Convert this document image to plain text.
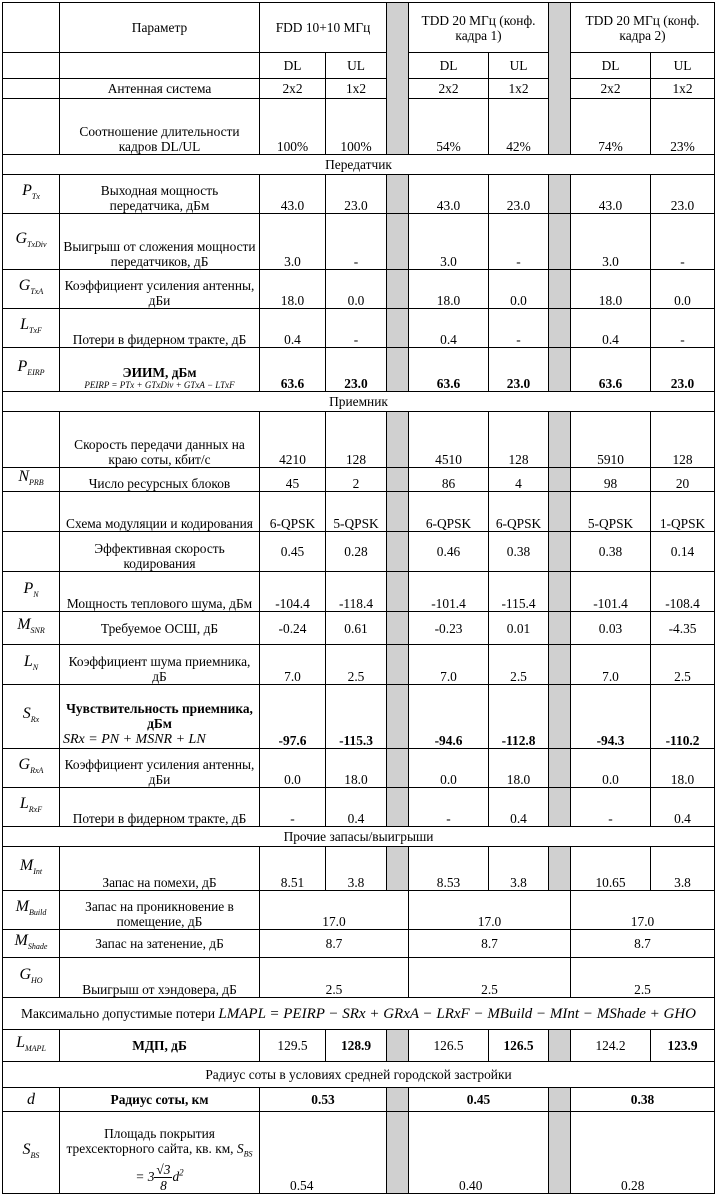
	Параметр	FDD 10+10 МГц			TDD 20 МГц (конф. кадра 1)			TDD 20 МГц (конф. кадра 2)	
		DL	UL		DL	UL		DL	UL
	Антенная система	2x2	1x2		2x2	1x2		2x2	1x2
	Соотношение длительности кадров DL/UL	100%	100%		54%	42%		74%	23%
Передатчик									
$P_{Tx}$	Выходная мощность передатчика, дБм	43.0	23.0		43.0	23.0		43.0	23.0
$G_{TxDiv}$	Выигрыш от сложения мощности передатчиков, дБ	3.0	-		3.0	-		3.0	-
$G_{TxA}$	Коэффициент усиления антенны, дБи	18.0	0.0		18.0	0.0		18.0	0.0
$L_{TxF}$	Потери в фидерном тракте, дБ	0.4	-		0.4	-		0.4	-
$P_{EIRP}$	ЭИИМ, дБм
PEIRP = PTx + GTxDiv + GTxA − LTxF	63.6	23.0		63.6	23.0		63.6	23.0
Приемник									
	Скорость передачи данных на краю соты, кбит/с	4210	128		4510	128		5910	128
$N_{PRB}$	Число ресурсных блоков	45	2		86	4		98	20
	Схема модуляции и кодирования	6-QPSK	5-QPSK		6-QPSK	6-QPSK		5-QPSK	1-QPSK
	Эффективная скорость кодирования	0.45	0.28		0.46	0.38		0.38	0.14
$P_N$	Мощность теплового шума, дБм	-104.4	-118.4		-101.4	-115.4		-101.4	-108.4
$M_{SNR}$	Требуемое ОСШ, дБ	-0.24	0.61		-0.23	0.01		0.03	-4.35
$L_N$	Коэффициент шума приемника, дБ	7.0	2.5		7.0	2.5		7.0	2.5
$S_{Rx}$	Чувствительность приемника, дБм
SRx = PN + MSNR + LN	-97.6	-115.3		-94.6	-112.8		-94.3	-110.2
$G_{RxA}$	Коэффициент усиления антенны, дБи	0.0	18.0		0.0	18.0		0.0	18.0
$L_{RxF}$	Потери в фидерном тракте, дБ	-	0.4		-	0.4		-	0.4
Прочие запасы/выигрыши									
$M_{Int}$	Запас на помехи, дБ	8.51	3.8		8.53	3.8		10.65	3.8
$M_{Build}$	Запас на проникновение в помещение, дБ	17.0			17.0			17.0	
$M_{Shade}$	Запас на затенение, дБ	8.7			8.7			8.7	
$G_{HO}$	Выигрыш от хэндовера, дБ	2.5			2.5			2.5	
Максимально допустимые потери LMAPL = PEIRP − SRx + GRxA − LRxF − MBuild − MInt − MShade + GHO									
$L_{MAPL}$	МДП, дБ	129.5	128.9		126.5	126.5		124.2	123.9
Радиус соты в условиях средней городской застройки									
d	Радиус соты, км	0.53			0.45			0.38	
$S_{BS}$	Площадь покрытия трехсекторного сайта, кв. км, $S_{BS} = 3 \frac{√3}{8} d^2$	0.54			0.40			0.28	
